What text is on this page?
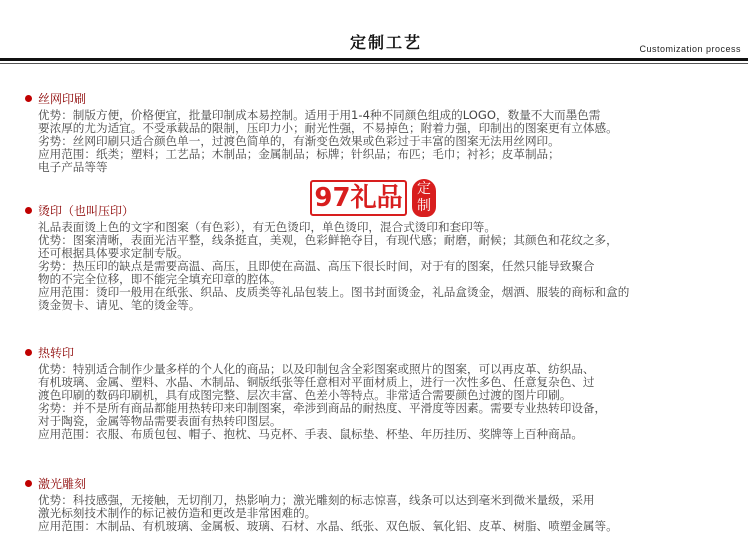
定制工艺	Customization process
丝网印刷
优势：制版方便，价格便宜，批量印制成本易控制。适用于用1-4种不同颜色组成的LOGO，数量不大而墨色需
要浓厚的尤为适宜。不受承载品的限制，压印力小；耐光性强，不易掉色；附着力强，印制出的图案更有立体感。
劣势：丝网印刷只适合颜色单一，过渡色简单的，有渐变色效果或色彩过于丰富的图案无法用丝网印。
应用范围：纸类；塑料；工艺品；木制品；金属制品；标牌；针织品；布匹；毛巾；衬衫；皮革制品；
电子产品等等
烫印（也叫压印）
礼品表面烫上色的文字和图案（有色彩），有无色烫印，单色烫印，混合式烫印和套印等。
优势：图案清晰，表面光洁平整，线条挺直，美观，色彩鲜艳夺目，有现代感；耐磨，耐候；其颜色和花纹之多，
还可根据具体要求定制专版。
劣势：热压印的缺点是需要高温、高压，且即使在高温、高压下很长时间，对于有的图案，任然只能导致聚合
物的不完全位移，即不能完全填充印章的腔体。
应用范围：烫印一般用在纸张、织品、皮质类等礼品包装上。图书封面烫金，礼品盒烫金，烟酒、服装的商标和盒的
烫金贺卡、请见、笔的烫金等。
热转印
优势：特别适合制作少量多样的个人化的商品；以及印制包含全彩图案或照片的图案，可以再皮革、纺织品、
有机玻璃、金属、塑料、水晶、木制品、铜版纸张等任意相对平面材质上，进行一次性多色、任意复杂色、过
渡色印刷的数码印刷机，具有成图完整、层次丰富、色差小等特点。非常适合需要颜色过渡的图片印刷。
劣势：并不是所有商品都能用热转印来印制图案，牵涉到商品的耐热度、平滑度等因素。需要专业热转印设备，
对于陶瓷，金属等物品需要表面有热转印图层。
应用范围：衣服、布质包包、帽子、抱枕、马克杯、手表、鼠标垫、杯垫、年历挂历、奖牌等上百种商品。
激光雕刻
优势：科技感强，无接触，无切削刀，热影响力；激光雕刻的标志惊喜，线条可以达到毫米到微米量级，采用
激光标刻技术制作的标记被仿造和更改是非常困难的。
应用范围：木制品、有机玻璃、金属板、玻璃、石材、水晶、纸张、双色版、氧化铝、皮革、树脂、喷塑金属等。
97礼品	定制
